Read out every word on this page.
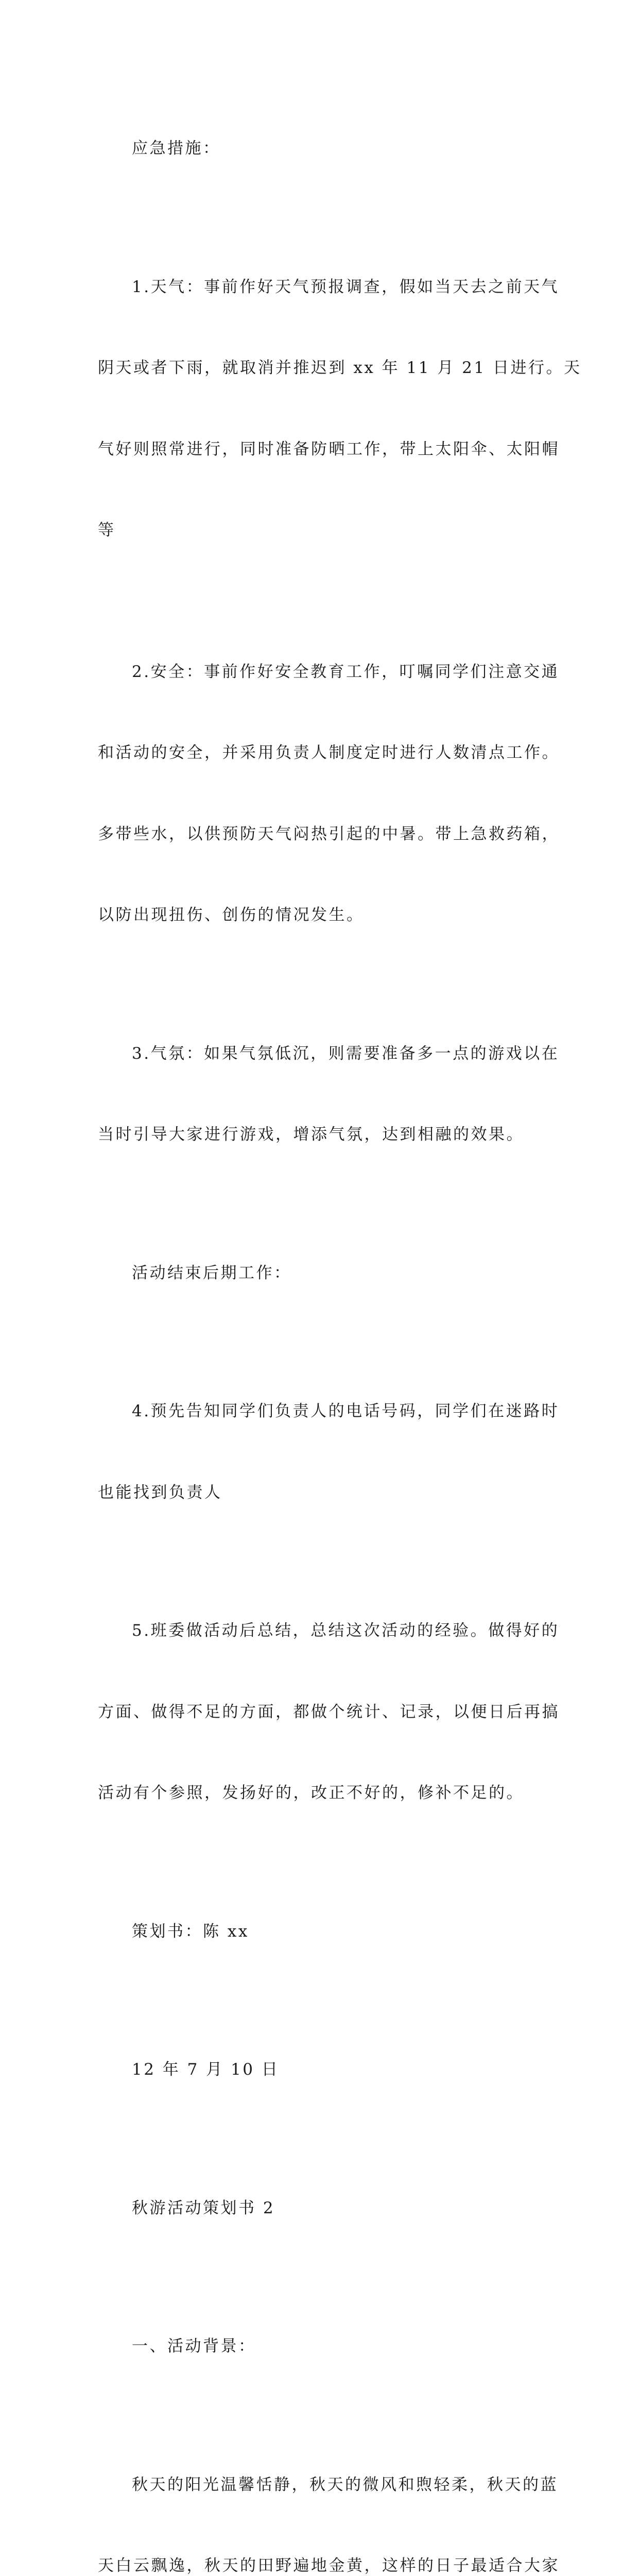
应急措施：

1.天气：事前作好天气预报调查，假如当天去之前天气

阴天或者下雨，就取消并推迟到 xx 年 11 月 21 日进行。天

气好则照常进行，同时准备防晒工作，带上太阳伞、太阳帽

等

2.安全：事前作好安全教育工作，叮嘱同学们注意交通

和活动的安全，并采用负责人制度定时进行人数清点工作。

多带些水，以供预防天气闷热引起的中暑。带上急救药箱，

以防出现扭伤、创伤的情况发生。

3.气氛：如果气氛低沉，则需要准备多一点的游戏以在

当时引导大家进行游戏，增添气氛，达到相融的效果。

活动结束后期工作：

4.预先告知同学们负责人的电话号码，同学们在迷路时

也能找到负责人

5.班委做活动后总结，总结这次活动的经验。做得好的

方面、做得不足的方面，都做个统计、记录，以便日后再搞

活动有个参照，发扬好的，改正不好的，修补不足的。

策划书：陈 xx

12 年 7 月 10 日

秋游活动策划书 2

一、活动背景：

秋天的阳光温馨恬静，秋天的微风和煦轻柔，秋天的蓝

天白云飘逸，秋天的田野遍地金黄，这样的日子最适合大家
